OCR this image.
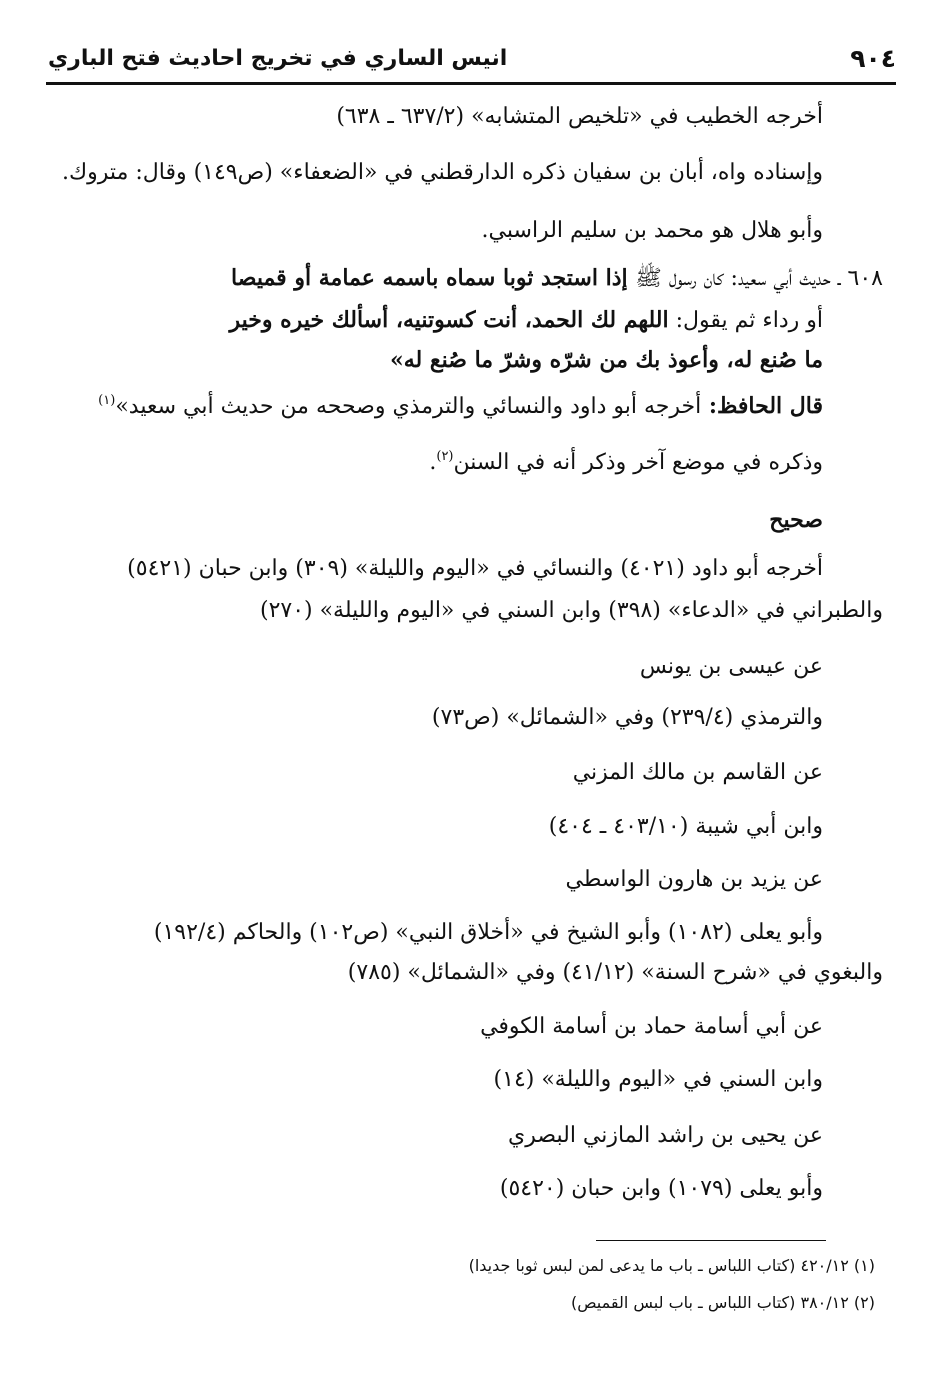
٩٠٤
انيس الساري في تخريج احاديث فتح الباري

أخرجه الخطيب في «تلخيص المتشابه» (٦٣٧/٢ ـ ٦٣٨)

وإسناده واه، أبان بن سفيان ذكره الدارقطني في «الضعفاء» (ص١٤٩) وقال: متروك.

وأبو هلال هو محمد بن سليم الراسبي.

٦٠٨ ـ حديث أبي سعيد: كان رسول ﷺ إذا استجد ثوبا سماه باسمه عمامة أو قميصا

أو رداء ثم يقول: اللهم لك الحمد، أنت كسوتنيه، أسألك خيره وخير

ما صُنع له، وأعوذ بك من شرّه وشرّ ما صُنع له»

قال الحافظ: أخرجه أبو داود والنسائي والترمذي وصححه من حديث أبي سعيد»$^{(١)}$

وذكره في موضع آخر وذكر أنه في السنن$^{(٢)}$.

صحيح

أخرجه أبو داود (٤٠٢١) والنسائي في «اليوم والليلة» (٣٠٩) وابن حبان (٥٤٢١)

والطبراني في «الدعاء» (٣٩٨) وابن السني في «اليوم والليلة» (٢٧٠)

عن عيسى بن يونس

والترمذي (٢٣٩/٤) وفي «الشمائل» (ص٧٣)

عن القاسم بن مالك المزني

وابن أبي شيبة (٤٠٣/١٠ ـ ٤٠٤)

عن يزيد بن هارون الواسطي

وأبو يعلى (١٠٨٢) وأبو الشيخ في «أخلاق النبي» (ص١٠٢) والحاكم (١٩٢/٤)

والبغوي في «شرح السنة» (٤١/١٢) وفي «الشمائل» (٧٨٥)

عن أبي أسامة حماد بن أسامة الكوفي

وابن السني في «اليوم والليلة» (١٤)

عن يحيى بن راشد المازني البصري

وأبو يعلى (١٠٧٩) وابن حبان (٥٤٢٠)

(١) ٤٢٠/١٢ (كتاب اللباس ـ باب ما يدعى لمن لبس ثوبا جديدا)

(٢) ٣٨٠/١٢ (كتاب اللباس ـ باب لبس القميص)
